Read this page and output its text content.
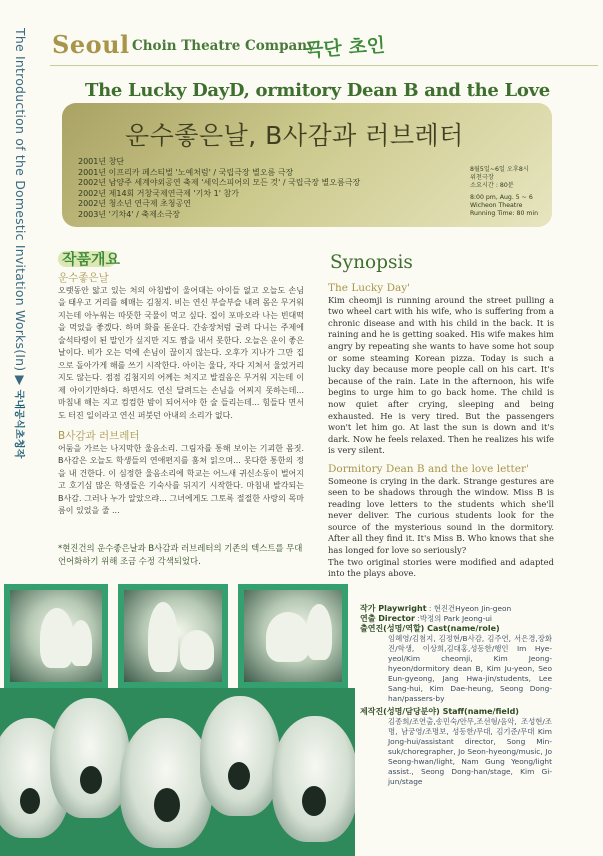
The Introduction of the Domestic Invitation Works(In) ▶ 국내공식초청작
Seoul Choin Theatre Company
극단 초인
The Lucky DayD, ormitory Dean B and the Love
운수좋은날, B사감과 러브레터
2001년 창단
2001년 이프리카 페스티벌 '노예처럼' / 국립극장 별오름 극장
2002년 남양주 세계야외공연 축제 '세익스피어의 모든 것' / 국립극장 별오름극장
2002년 제14회 거창국제연극제 '기차 1' 참가
2002년 청소년 연극제 초청공연
2003년 '기차4' / 축제소극장
8월5일~6일 오후8시
위천극장
소요시간 : 80분
8:00 pm, Aug. 5 ~ 6
Wicheon Theatre
Running Time: 80 min
작품개요	Synopsis
운수좋은날
오랫동안 앓고 있는 처의 아침밥이 울어대는 아이들 없고 오늘도 손님을 태우고 거리를 헤매는 김첨지. 비는 연신 부슬부슬 내려 몸은 무거워지는데 아누워는 따뜻한 국물이 먹고 싶다. 집이 포마오라 나는 빈대떡을 먹었을 좋겠다. 하며 화를 돋운다. 간송장처럼 굴려 다니는 주제에 술석타령이 된 말인가 싶지만 지도 짬을 내서 못한다. 오늘은 운이 좋은 날이다. 비가 오는 덕에 손님이 끊이지 않는다. 오후가 지나가 그만 집으로 돌아가게 해를 쓰기 시작한다. 아이는 울다, 자다 지쳐서 울었거리지도 않는다. 점점 김첨지의 어께는 처지고 발걸음은 무거워 지는데 이제 아이기만하다. 하면서도 연신 달려드는 손님을 어찌지 못하는데... 마침내 해는 지고 컴컴한 밤이 되어서야 한 술 들리는데... 힘들다 면서도 터진 일이라고 연신 퍼붓던 아내의 소리가 없다.
B사감과 러브레터
어둠을 가르는 나지막한 울음소리. 그림자를 통해 보이는 기괴한 몸짓. B사감은 오늘도 학생들의 연애편지를 훔쳐 읽으며... 못다한 통한의 정을 내 건한다. 이 심정한 울음소리에 학교는 어느새 귀신소동이 벌어지고 호기심 많은 학생들은 기숙사를 뒤지기 시작한다. 마침내 발각되는 B사감. 그러나 누가 알았으랴... 그녀에게도 그토록 절절한 사랑의 목마름이 있었을 줄 ...
*현진건의 운수좋은날과 B사감과 러브레터의 기존의 텍스트를 무대 언어화하기 위해 조금 수정 각색되었다.
The Lucky Day'
Kim cheomji is running around the street pulling a two wheel cart with his wife, who is suffering from a chronic disease and with his child in the back. It is raining and he is getting soaked. His wife makes him angry by repeating she wants to have some hot soup or some steaming Korean pizza. Today is such a lucky day because more people call on his cart. It's because of the rain. Late in the afternoon, his wife begins to urge him to go back home. The child is now quiet after crying, sleeping and being exhausted. He is very tired. But the passengers won't let him go. At last the sun is down and it's dark. Now he feels relaxed. Then he realizes his wife is very silent.
Dormitory Dean B and the love letter'
Someone is crying in the dark. Strange gestures are seen to be shadows through the window. Miss B is reading love letters to the students which she'll never deliver. The curious students look for the source of the mysterious sound in the dormitory. After all they find it. It's Miss B. Who knows that she has longed for love so seriously?
The two original stories were modified and adapted into the plays above.
작가 Playwright : 현진건Hyeon Jin-geon
연출 Director :박정의 Park Jeong-ui
출연진(성명/역할) Cast(name/role)
임혜영/김첨지, 김정현/B사감, 김주연, 서은경,장화진/학생, 이상희,김대홍,성동한/행인 Im Hye-yeol/Kim cheomji, Kim Jeong-hyeon/dormitory dean B, Kim Ju-yeon, Seo Eun-gyeong, Jang Hwa-jin/students, Lee Sang-hui, Kim Dae-heung, Seong Dong-han/passers-by
제작진(성명/담당분야) Staff(name/field)
김종희/조연출,송민숙/안무,조선형/음악, 조성현/조명, 남궁영/조명보, 성동한/무대, 김기준/무대 Kim Jong-hui/assistant director, Song Min-suk/choregrapher, Jo Seon-hyeong/music, Jo Seong-hwan/light, Nam Gung Yeong/light assist., Seong Dong-han/stage, Kim Gi-jun/stage
